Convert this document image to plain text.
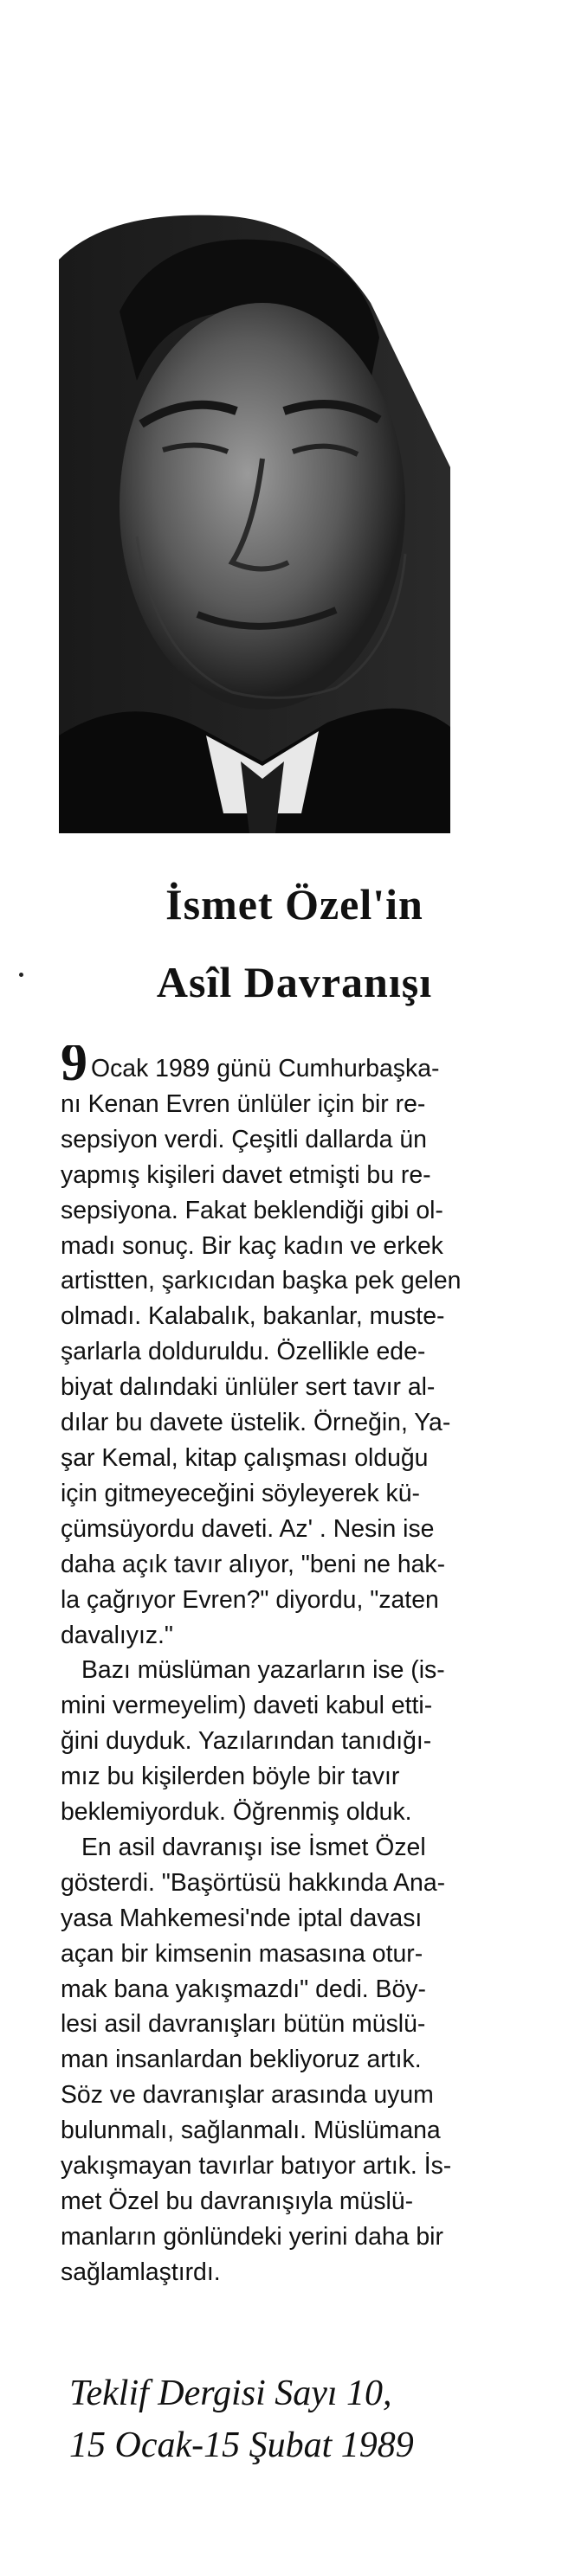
İsmet Özel'in
Asîl Davranışı
9 Ocak 1989 günü Cumhurbaşka-
nı Kenan Evren ünlüler için bir re-
sepsiyon verdi. Çeşitli dallarda ün
yapmış kişileri davet etmişti bu re-
sepsiyona. Fakat beklendiği gibi ol-
madı sonuç. Bir kaç kadın ve erkek
artistten, şarkıcıdan başka pek gelen
olmadı. Kalabalık, bakanlar, muste-
şarlarla dolduruldu. Özellikle ede-
biyat dalındaki ünlüler sert tavır al-
dılar bu davete üstelik. Örneğin, Ya-
şar Kemal, kitap çalışması olduğu
için gitmeyeceğini söyleyerek kü-
çümsüyordu daveti. Az' . Nesin ise
daha açık tavır alıyor, "beni ne hak-
la çağrıyor Evren?" diyordu, "zaten
davalıyız."
Bazı müslüman yazarların ise (is-
mini vermeyelim) daveti kabul etti-
ğini duyduk. Yazılarından tanıdığı-
mız bu kişilerden böyle bir tavır
beklemiyorduk. Öğrenmiş olduk.
En asil davranışı ise İsmet Özel
gösterdi. "Başörtüsü hakkında Ana-
yasa Mahkemesi'nde iptal davası
açan bir kimsenin masasına otur-
mak bana yakışmazdı" dedi. Böy-
lesi asil davranışları bütün müslü-
man insanlardan bekliyoruz artık.
Söz ve davranışlar arasında uyum
bulunmalı, sağlanmalı. Müslümana
yakışmayan tavırlar batıyor artık. İs-
met Özel bu davranışıyla müslü-
manların gönlündeki yerini daha bir
sağlamlaştırdı.
Teklif Dergisi Sayı 10,
15 Ocak-15 Şubat 1989
